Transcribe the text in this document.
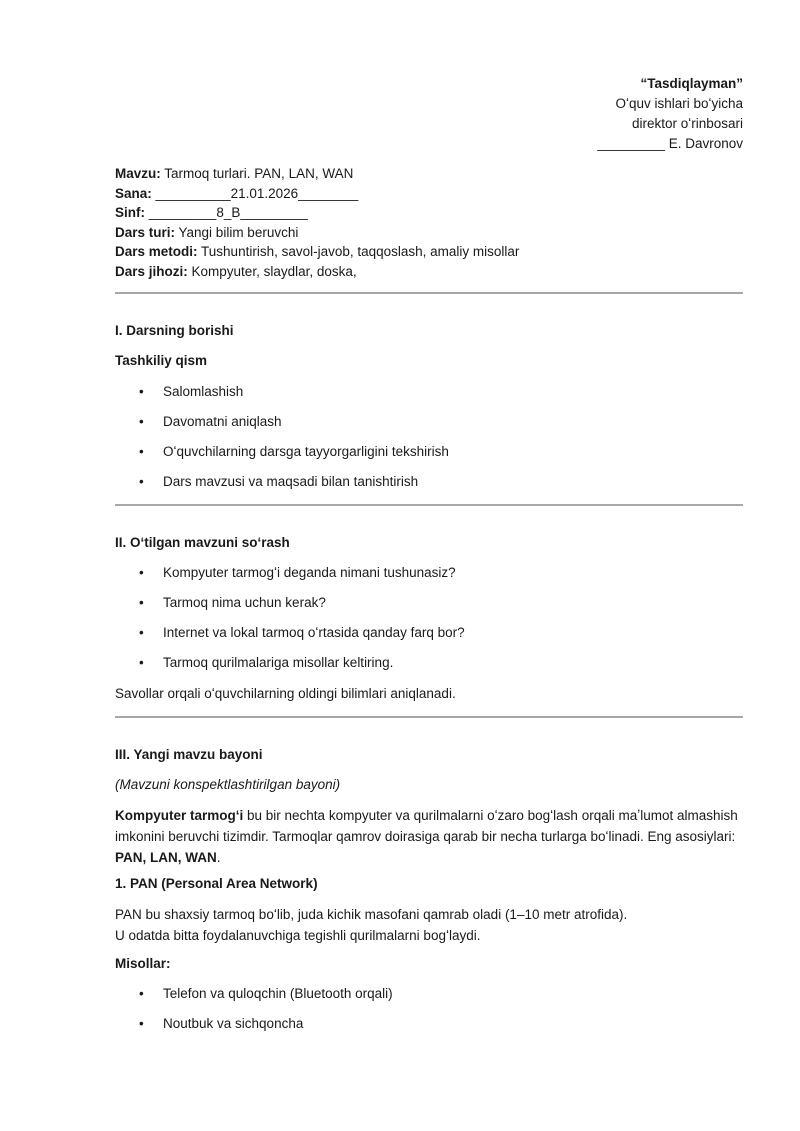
“Tasdiqlayman”
Oʻquv ishlari boʻyicha
direktor oʻrinbosari
_________ E. Davronov
Mavzu: Tarmoq turlari. PAN, LAN, WAN
Sana: __________21.01.2026________
Sinf: _________8_B_________
Dars turi: Yangi bilim beruvchi
Dars metodi: Tushuntirish, savol-javob, taqqoslash, amaliy misollar
Dars jihozi: Kompyuter, slaydlar, doska,
I. Darsning borishi
Tashkiliy qism
• Salomlashish
• Davomatni aniqlash
• Oʻquvchilarning darsga tayyorgarligini tekshirish
• Dars mavzusi va maqsadi bilan tanishtirish
II. Oʻtilgan mavzuni soʻrash
• Kompyuter tarmogʻi deganda nimani tushunasiz?
• Tarmoq nima uchun kerak?
• Internet va lokal tarmoq oʻrtasida qanday farq bor?
• Tarmoq qurilmalariga misollar keltiring.
Savollar orqali oʻquvchilarning oldingi bilimlari aniqlanadi.
III. Yangi mavzu bayoni
(Mavzuni konspektlashtirilgan bayoni)
Kompyuter tarmogʻi bu bir nechta kompyuter va qurilmalarni oʻzaro bogʻlash orqali maʼlumot almashish imkonini beruvchi tizimdir. Tarmoqlar qamrov doirasiga qarab bir necha turlarga boʻlinadi. Eng asosiylari: PAN, LAN, WAN.
1. PAN (Personal Area Network)
PAN bu shaxsiy tarmoq boʻlib, juda kichik masofani qamrab oladi (1–10 metr atrofida).
U odatda bitta foydalanuvchiga tegishli qurilmalarni bogʻlaydi.
Misollar:
• Telefon va quloqchin (Bluetooth orqali)
• Noutbuk va sichqoncha
